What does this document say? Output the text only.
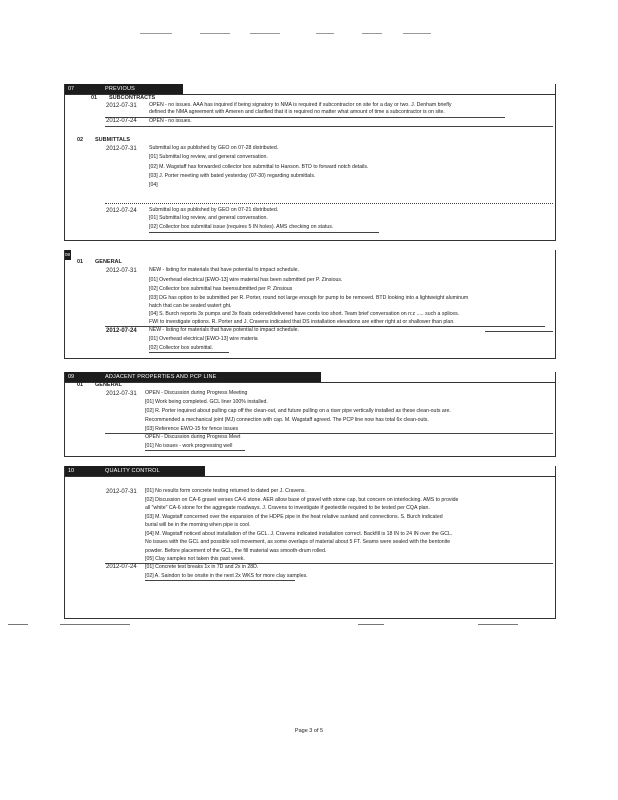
07	PREVIOUS
01 SUBCONTRACTS
2012-07-31 OPEN - no issues. AAA has inquired if being signatory to NMA is required if subcontractor on site for a day or two. J. Denham briefly
defined the NMA agreement with Ameren and clarified that it is required no matter what amount of time a subcontractor is on site.
2012-07-24 OPEN - no issues.
02 SUBMITTALS
2012-07-31 Submittal log as published by GEO on 07-28 distributed.
[01] Submittal log review, and general conversation.
[02] M. Wagstaff has forwarded collector box submittal to Hanson. BTD to forward notch details.
[03] J. Porter meeting with bated yesterday (07-30) regarding submittals.
[04]
2012-07-24 Submittal log as published by GEO on 07-21 distributed.
[01] Submittal log review, and general conversation.
[02] Collector box submittal issue (requires 5 IN holes). AMS checking on status.
08
01 GENERAL
2012-07-31 NEW - listing for materials that have potential to impact schedule.
[01] Overhead electrical [EWO-13] wire material has been submitted per P. Zinsious.
[02] Collector box submittal has beensubmitted per P. Zinsious
[03] DG has option to be submitted per R. Porter, round not large enough for pump to be removed. BTD looking into a lightweight aluminum
hatch that can be seated watert ght.
[04] S. Burch reports 3x pumps and 3x floats ordered/delivered have cords too short. Team brief conversation on n:z ..... such a splices.
FWI to investigate options. R. Porter and J. Cravens indicated that DS installation elevations are either right at or shallower than plan.
2012-07-24 NEW - listing for materials that have potential to impact schedule.
[01] Overhead electrical [EWO-13] wire materia
[02] Collector box submittal.
09	ADJACENT PROPERTIES AND PCP LINE
01 GENERAL
2012-07-31 OPEN - Discussion during Progress Meeting
[01] Work being completed. GCL liner 100% installed.
[02] R. Porter inquired about pulling cap off the clean-out, and future pulling on a riser pipe vertically installed as these clean-outs are.
Recommended a mechanical joint (MJ) connection with cap. M. Wagstaff agreed. The PCP line now has total 6x clean-outs.
[03] Reference EWO-15 for fence issues
OPEN - Discussion during Progress Meet
[01] No issues - work progressing well
10	QUALITY CONTROL
2012-07-31 [01] No results form concrete testing returned to dated per J. Cravens.
[02] Discussion on CA-6 gravel verses CA-6 stone. AER allow base of gravel with stone cap, but concern on interlocking. AMS to provide
all "white" CA-6 stone for the aggregate roadways. J. Cravens to investigate if geotextile required to be tested per CQA plan.
[03] M. Wagstaff concerned over the expansion of the HDPE pipe in the heat relative sunland and connections. S. Burch indicated
burial will be in the morning when pipe is cool.
[04] M. Wagstaff noticed about installation of the GCL. J. Cravens indicated installation correct. Backfill is 18 IN to 24 IN over the GCL.
No issues with the GCL and possible soil movement, as some overlaps of material about 5 FT. Seams were sealed with the bentonite
powder. Before placement of the GCL, the fill material was smooth-drum rolled.
[05] Clay samples not taken this past week.
2012-07-24 [01] Concrete test breaks 1x in 7D and 2x in 28D.
[02] A. Saindon to be onsite in the next 2x WKS for more clay samples.
Page 3 of 5
